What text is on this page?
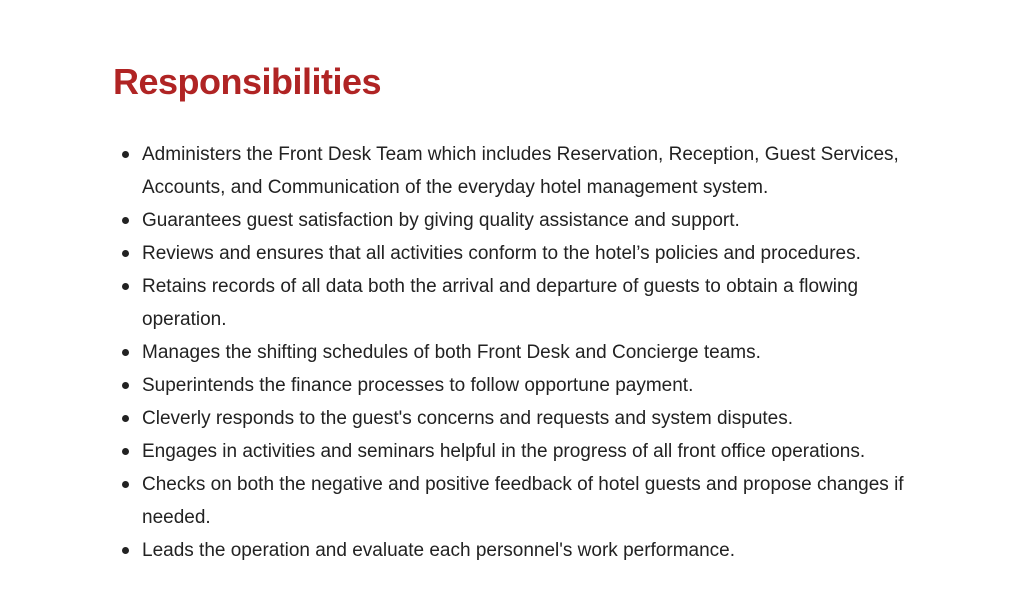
Responsibilities
Administers the Front Desk Team which includes Reservation, Reception, Guest Services, Accounts, and Communication of the everyday hotel management system.
Guarantees guest satisfaction by giving quality assistance and support.
Reviews and ensures that all activities conform to the hotel’s policies and procedures.
Retains records of all data both the arrival and departure of guests to obtain a flowing operation.
Manages the shifting schedules of both Front Desk and Concierge teams.
Superintends the finance processes to follow opportune payment.
Cleverly responds to the guest's concerns and requests and system disputes.
Engages in activities and seminars helpful in the progress of all front office operations.
Checks on both the negative and positive feedback of hotel guests and propose changes if needed.
Leads the operation and evaluate each personnel's work performance.
